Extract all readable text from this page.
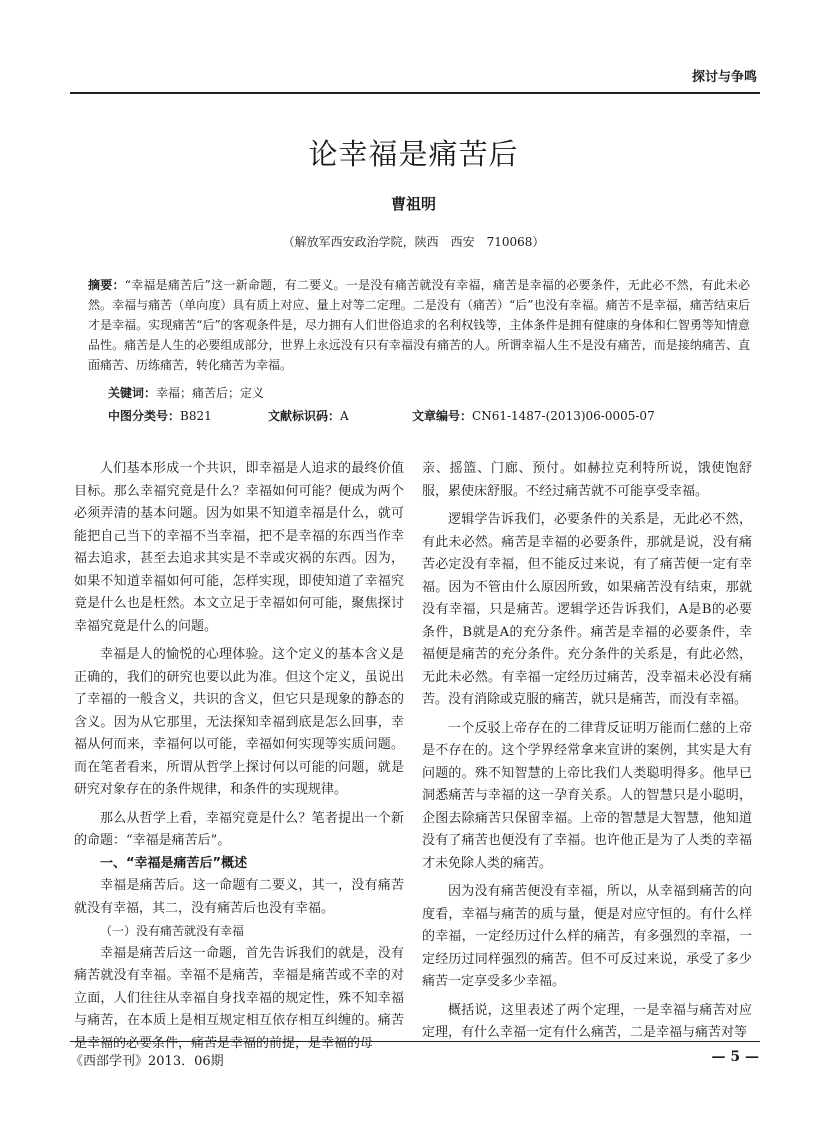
探讨与争鸣
论幸福是痛苦后
曹祖明
（解放军西安政治学院，陕西　西安　710068）
摘要：“幸福是痛苦后”这一新命题，有二要义。一是没有痛苦就没有幸福，痛苦是幸福的必要条件，无此必不然，有此未必然。幸福与痛苦（单向度）具有质上对应、量上对等二定理。二是没有（痛苦）“后”也没有幸福。痛苦不是幸福，痛苦结束后才是幸福。实现痛苦“后”的客观条件是，尽力拥有人们世俗追求的名利权钱等，主体条件是拥有健康的身体和仁智勇等知情意品性。痛苦是人生的必要组成部分，世界上永远没有只有幸福没有痛苦的人。所谓幸福人生不是没有痛苦，而是接纳痛苦、直面痛苦、历练痛苦，转化痛苦为幸福。
关键词：幸福；痛苦后；定义
中图分类号：B821	文献标识码：A	文章编号：CN61-1487-(2013)06-0005-07

人们基本形成一个共识，即幸福是人追求的最终价值目标。那么幸福究竟是什么？幸福如何可能？便成为两个必须弄清的基本问题。因为如果不知道幸福是什么，就可能把自己当下的幸福不当幸福，把不是幸福的东西当作幸福去追求，甚至去追求其实是不幸或灾祸的东西。因为，如果不知道幸福如何可能，怎样实现，即使知道了幸福究竟是什么也是枉然。本文立足于幸福如何可能，聚焦探讨幸福究竟是什么的问题。

幸福是人的愉悦的心理体验。这个定义的基本含义是正确的，我们的研究也要以此为准。但这个定义，虽说出了幸福的一般含义，共识的含义，但它只是现象的静态的含义。因为从它那里，无法探知幸福到底是怎么回事，幸福从何而来，幸福何以可能，幸福如何实现等实质问题。而在笔者看来，所谓从哲学上探讨何以可能的问题，就是研究对象存在的条件规律，和条件的实现规律。

那么从哲学上看，幸福究竟是什么？笔者提出一个新的命题：“幸福是痛苦后”。

一、“幸福是痛苦后”概述

幸福是痛苦后。这一命题有二要义，其一，没有痛苦就没有幸福，其二，没有痛苦后也没有幸福。

（一）没有痛苦就没有幸福

幸福是痛苦后这一命题，首先告诉我们的就是，没有痛苦就没有幸福。幸福不是痛苦，幸福是痛苦或不幸的对立面，人们往往从幸福自身找幸福的规定性，殊不知幸福与痛苦，在本质上是相互规定相互依存相互纠缠的。痛苦是幸福的必要条件，痛苦是幸福的前提，是幸福的母

亲、摇篮、门廊、预付。如赫拉克利特所说，饿使饱舒服，累使床舒服。不经过痛苦就不可能享受幸福。

逻辑学告诉我们，必要条件的关系是，无此必不然，有此未必然。痛苦是幸福的必要条件，那就是说，没有痛苦必定没有幸福，但不能反过来说，有了痛苦便一定有幸福。因为不管由什么原因所致，如果痛苦没有结束，那就没有幸福，只是痛苦。逻辑学还告诉我们，A是B的必要条件，B就是A的充分条件。痛苦是幸福的必要条件，幸福便是痛苦的充分条件。充分条件的关系是，有此必然，无此未必然。有幸福一定经历过痛苦，没幸福未必没有痛苦。没有消除或克服的痛苦，就只是痛苦，而没有幸福。

一个反驳上帝存在的二律背反证明万能而仁慈的上帝是不存在的。这个学界经常拿来宣讲的案例，其实是大有问题的。殊不知智慧的上帝比我们人类聪明得多。他早已洞悉痛苦与幸福的这一孕育关系。人的智慧只是小聪明，企图去除痛苦只保留幸福。上帝的智慧是大智慧，他知道没有了痛苦也便没有了幸福。也许他正是为了人类的幸福才未免除人类的痛苦。

因为没有痛苦便没有幸福，所以，从幸福到痛苦的向度看，幸福与痛苦的质与量，便是对应守恒的。有什么样的幸福，一定经历过什么样的痛苦，有多强烈的幸福，一定经历过同样强烈的痛苦。但不可反过来说，承受了多少痛苦一定享受多少幸福。

概括说，这里表述了两个定理，一是幸福与痛苦对应定理，有什么幸福一定有什么痛苦，二是幸福与痛苦对等

《西部学刊》2013．06期	— 5 —
